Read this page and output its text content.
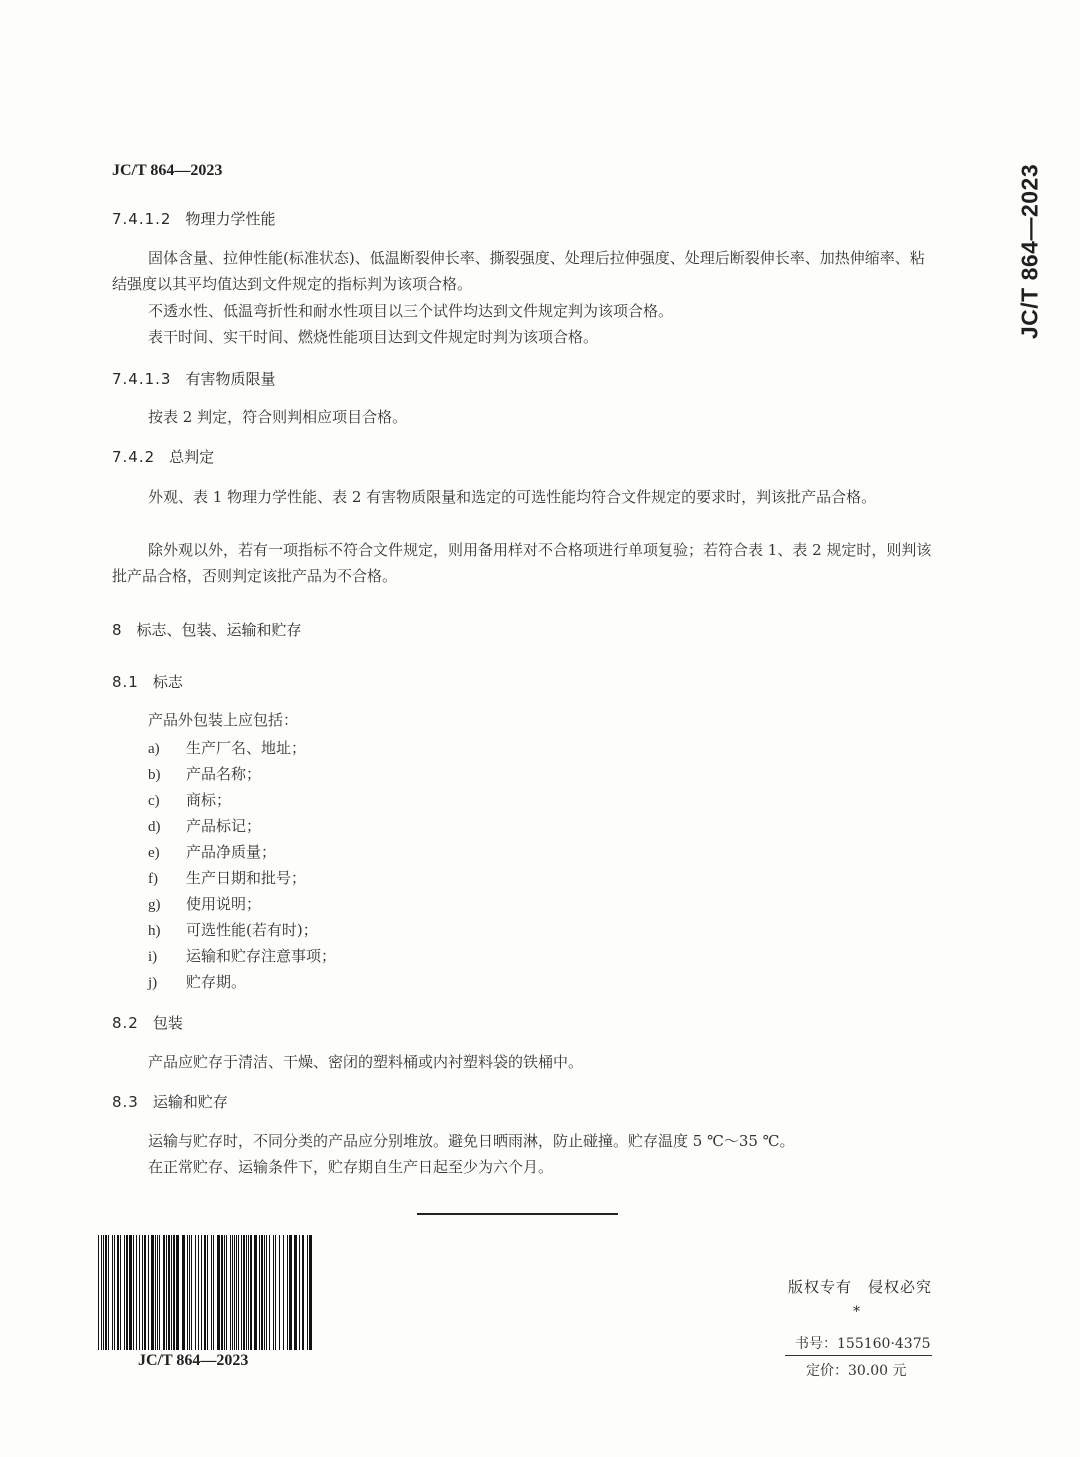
JC/T 864—2023	JC/T 864—2023
7.4.1.2 物理力学性能
固体含量、拉伸性能(标准状态)、低温断裂伸长率、撕裂强度、处理后拉伸强度、处理后断裂伸长率、加热伸缩率、粘结强度以其平均值达到文件规定的指标判为该项合格。
不透水性、低温弯折性和耐水性项目以三个试件均达到文件规定判为该项合格。
表干时间、实干时间、燃烧性能项目达到文件规定时判为该项合格。
7.4.1.3 有害物质限量
按表 2 判定，符合则判相应项目合格。
7.4.2 总判定
外观、表 1 物理力学性能、表 2 有害物质限量和选定的可选性能均符合文件规定的要求时，判该批产品合格。
除外观以外，若有一项指标不符合文件规定，则用备用样对不合格项进行单项复验；若符合表 1、表 2 规定时，则判该批产品合格，否则判定该批产品为不合格。
8 标志、包装、运输和贮存
8.1 标志
产品外包装上应包括：
a) 生产厂名、地址；
b) 产品名称；
c) 商标；
d) 产品标记；
e) 产品净质量；
f) 生产日期和批号；
g) 使用说明；
h) 可选性能(若有时)；
i) 运输和贮存注意事项；
j) 贮存期。
8.2 包装
产品应贮存于清洁、干燥、密闭的塑料桶或内衬塑料袋的铁桶中。
8.3 运输和贮存
运输与贮存时，不同分类的产品应分别堆放。避免日晒雨淋，防止碰撞。贮存温度 5 ℃～35 ℃。
在正常贮存、运输条件下，贮存期自生产日起至少为六个月。
JC/T 864—2023
版权专有　侵权必究
*
书号：155160·4375
定价：30.00 元
